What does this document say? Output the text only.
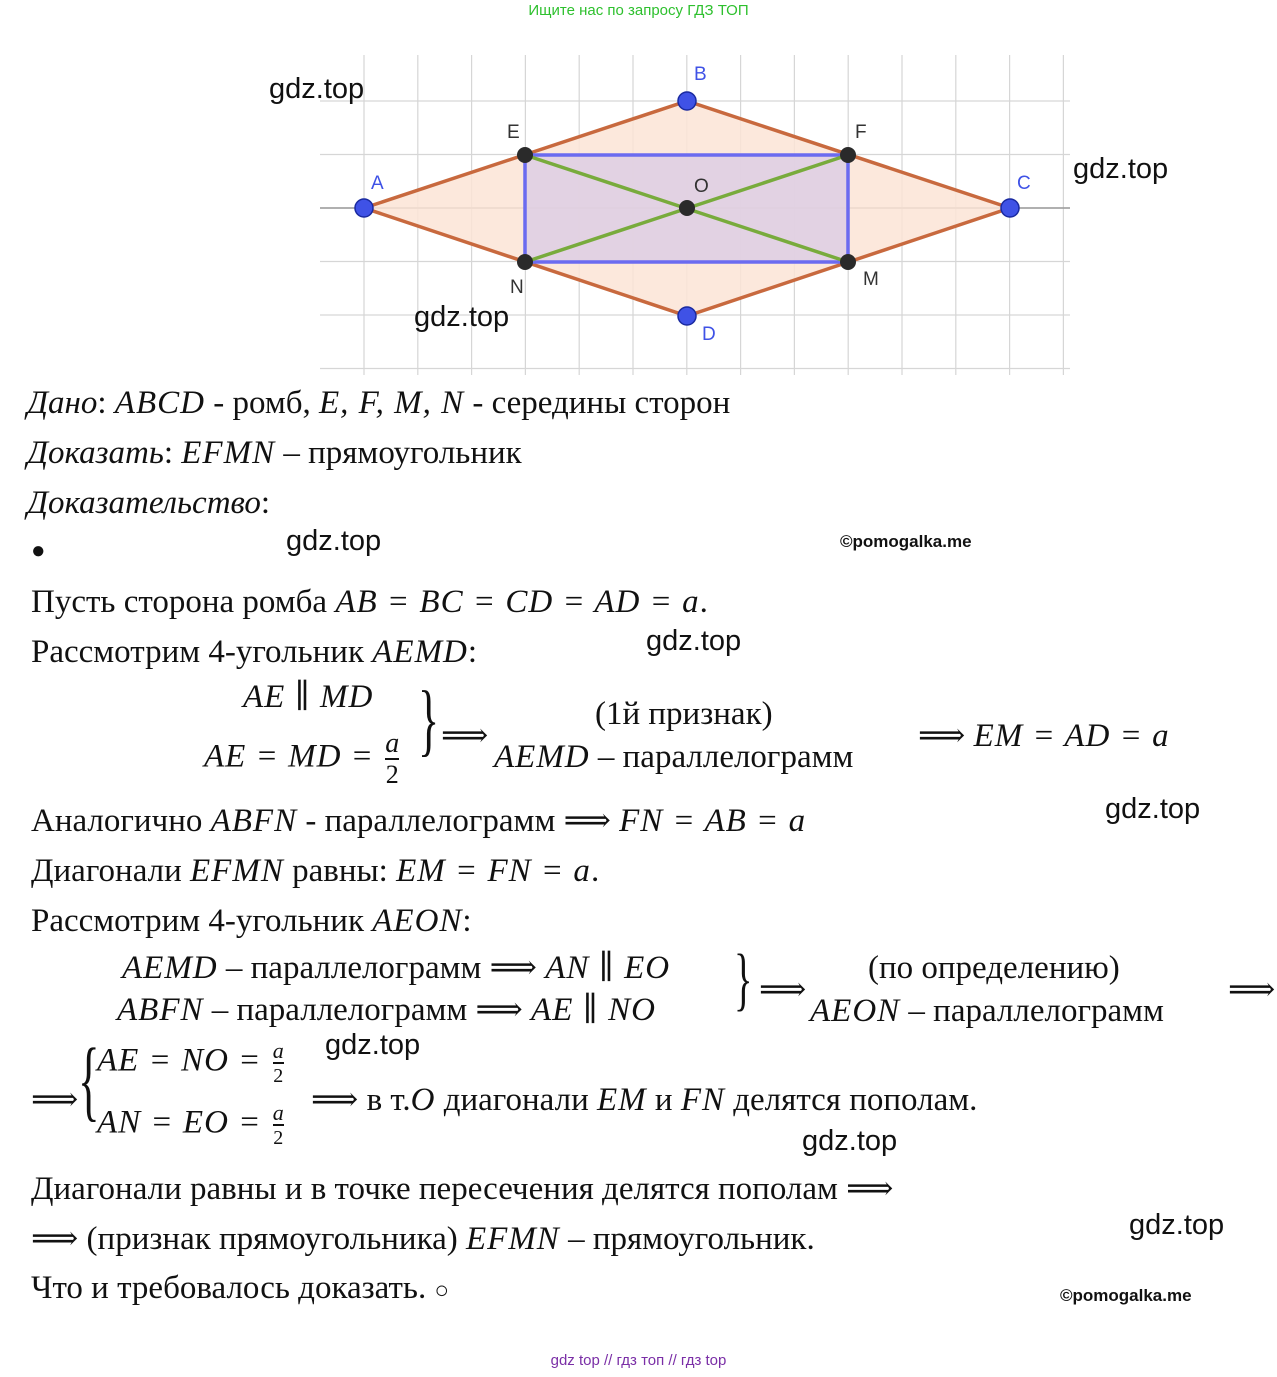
Ищите нас по запросу ГДЗ ТОП
A
B
C
D
E	F
M
N
O
gdz.top
gdz.top
gdz.top
gdz.top
gdz.top
gdz.top
gdz.top
gdz.top
gdz.top
©pomogalka.me
©pomogalka.me
Дано: ABCD - ромб, E, F, M, N - середины сторон
Доказать: EFMN – прямоугольник
Доказательство:
●
Пусть сторона ромба AB = BC = CD = AD = a.
Рассмотрим 4-угольник AEMD:
AE ∥ MD
AE = MD = $\frac{a}{2}$ } ⟹
(1й признак)
AEMD – параллелограмм
⟹ EM = AD = a
Аналогично ABFN - параллелограмм ⟹ FN = AB = a
Диагонали EFMN равны: EM = FN = a.
Рассмотрим 4-угольник AEON:
AEMD – параллелограмм ⟹ AN ∥ EO
ABFN – параллелограмм ⟹ AE ∥ NO } ⟹
(по определению)
AEON – параллелограмм
⟹
⟹ {
AE = NO = $\frac{a}{2}$
AN = EO = $\frac{a}{2}$
⟹ в т.O диагонали EM и FN делятся пополам.
Диагонали равны и в точке пересечения делятся пополам ⟹
⟹ (признак прямоугольника) EFMN – прямоугольник.
Что и требовалось доказать. ○
gdz top // гдз топ // гдз top
